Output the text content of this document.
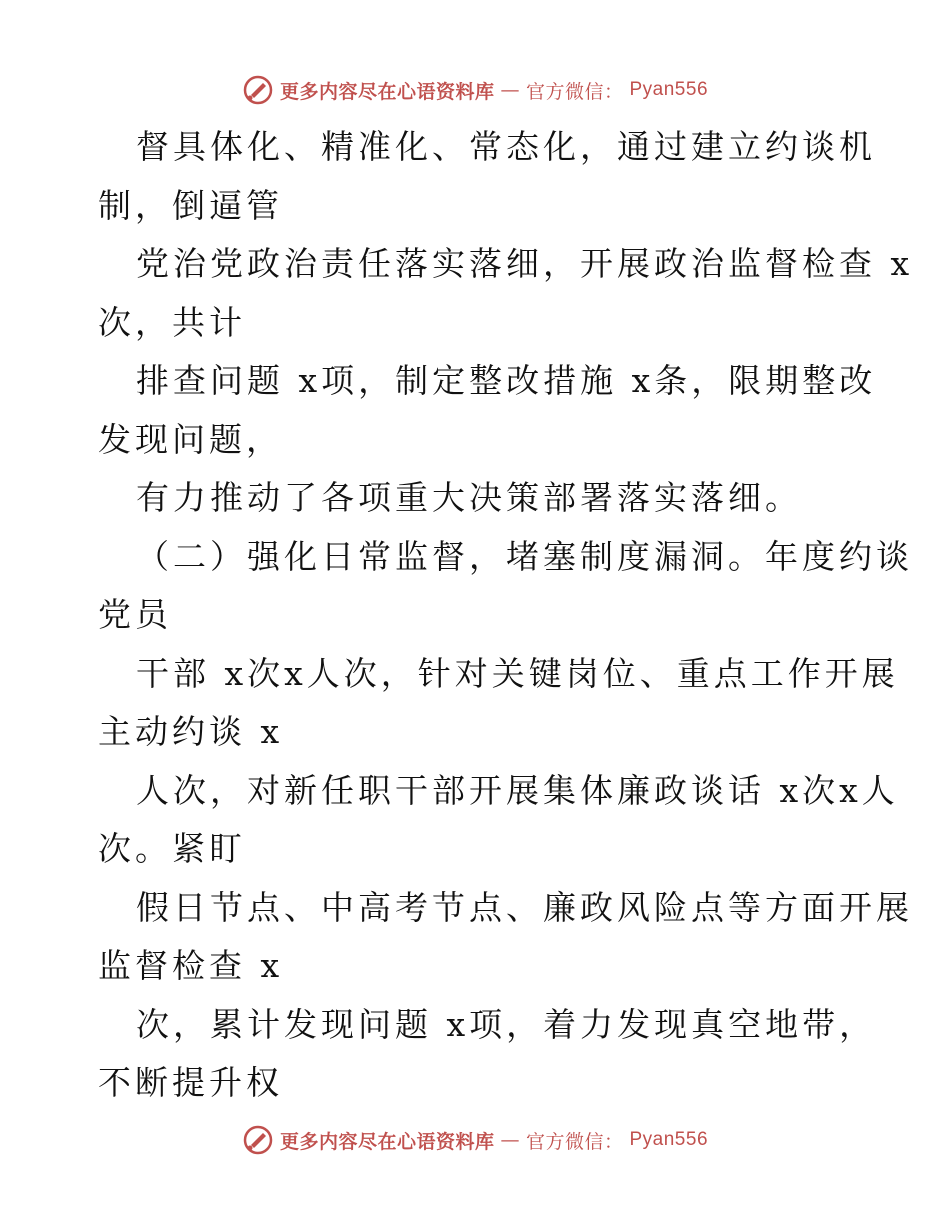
更多内容尽在心语资料库 — 官方微信： Pyan556
督具体化、精准化、常态化，通过建立约谈机
制，倒逼管
党治党政治责任落实落细，开展政治监督检查 x
次，共计
排查问题 x项，制定整改措施 x条，限期整改
发现问题，
有力推动了各项重大决策部署落实落细。
（二）强化日常监督，堵塞制度漏洞。年度约谈
党员
干部 x次x人次，针对关键岗位、重点工作开展
主动约谈 x
人次，对新任职干部开展集体廉政谈话 x次x人
次。紧盯
假日节点、中高考节点、廉政风险点等方面开展
监督检查 x
次，累计发现问题 x项，着力发现真空地带，
不断提升权
更多内容尽在心语资料库 — 官方微信： Pyan556
